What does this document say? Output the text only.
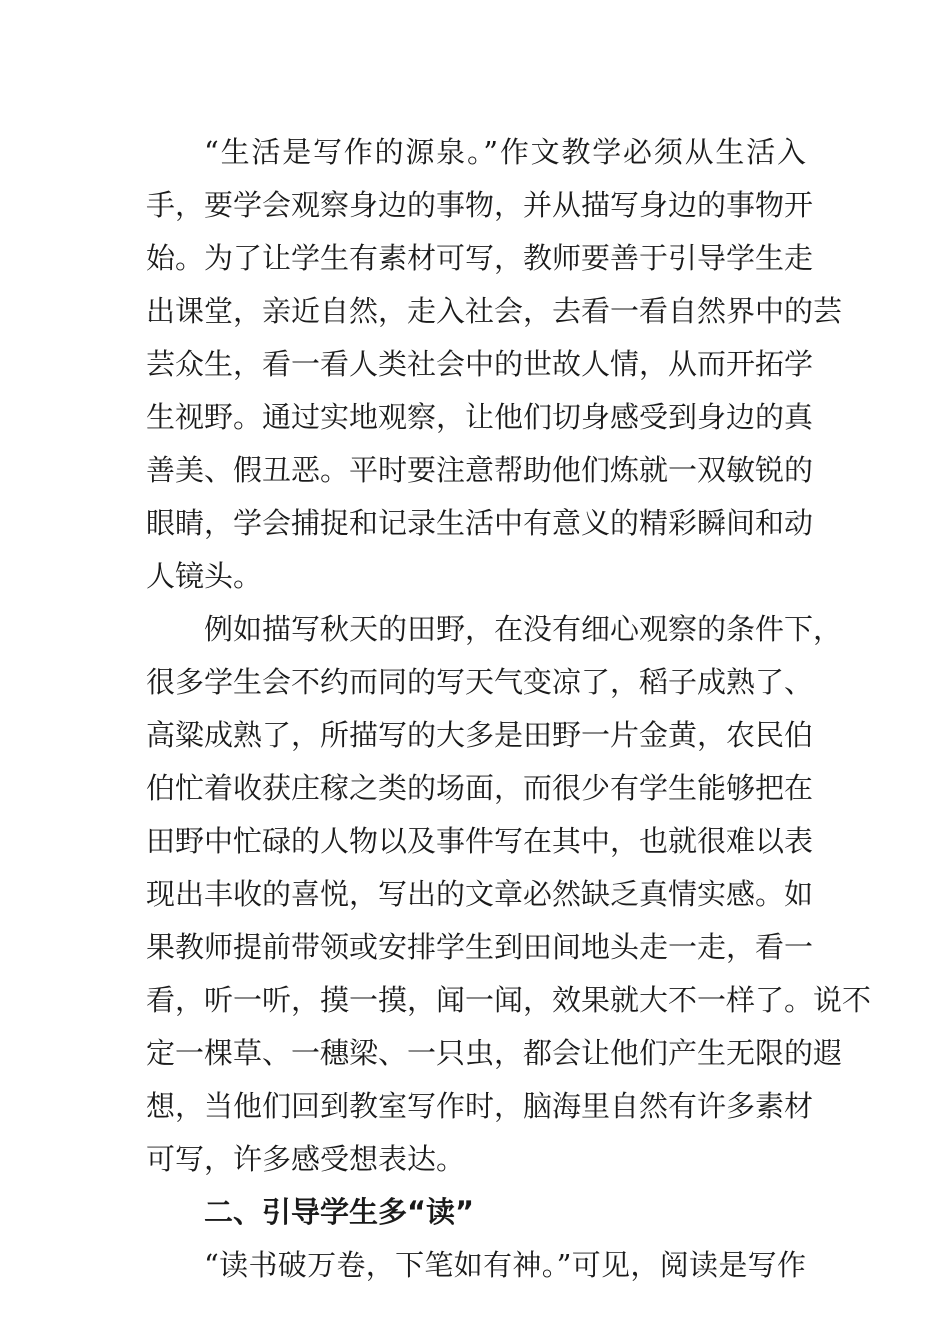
“生活是写作的源泉。”作文教学必须从生活入
手，要学会观察身边的事物，并从描写身边的事物开
始。为了让学生有素材可写，教师要善于引导学生走
出课堂，亲近自然，走入社会，去看一看自然界中的芸
芸众生，看一看人类社会中的世故人情，从而开拓学
生视野。通过实地观察，让他们切身感受到身边的真
善美、假丑恶。平时要注意帮助他们炼就一双敏锐的
眼睛，学会捕捉和记录生活中有意义的精彩瞬间和动
人镜头。
例如描写秋天的田野，在没有细心观察的条件下，
很多学生会不约而同的写天气变凉了，稻子成熟了、
高粱成熟了，所描写的大多是田野一片金黄，农民伯
伯忙着收获庄稼之类的场面，而很少有学生能够把在
田野中忙碌的人物以及事件写在其中，也就很难以表
现出丰收的喜悦，写出的文章必然缺乏真情实感。如
果教师提前带领或安排学生到田间地头走一走，看一
看，听一听，摸一摸，闻一闻，效果就大不一样了。说不
定一棵草、一穗梁、一只虫，都会让他们产生无限的遐
想，当他们回到教室写作时，脑海里自然有许多素材
可写，许多感受想表达。
二、引导学生多“读”
“读书破万卷，下笔如有神。”可见，阅读是写作
